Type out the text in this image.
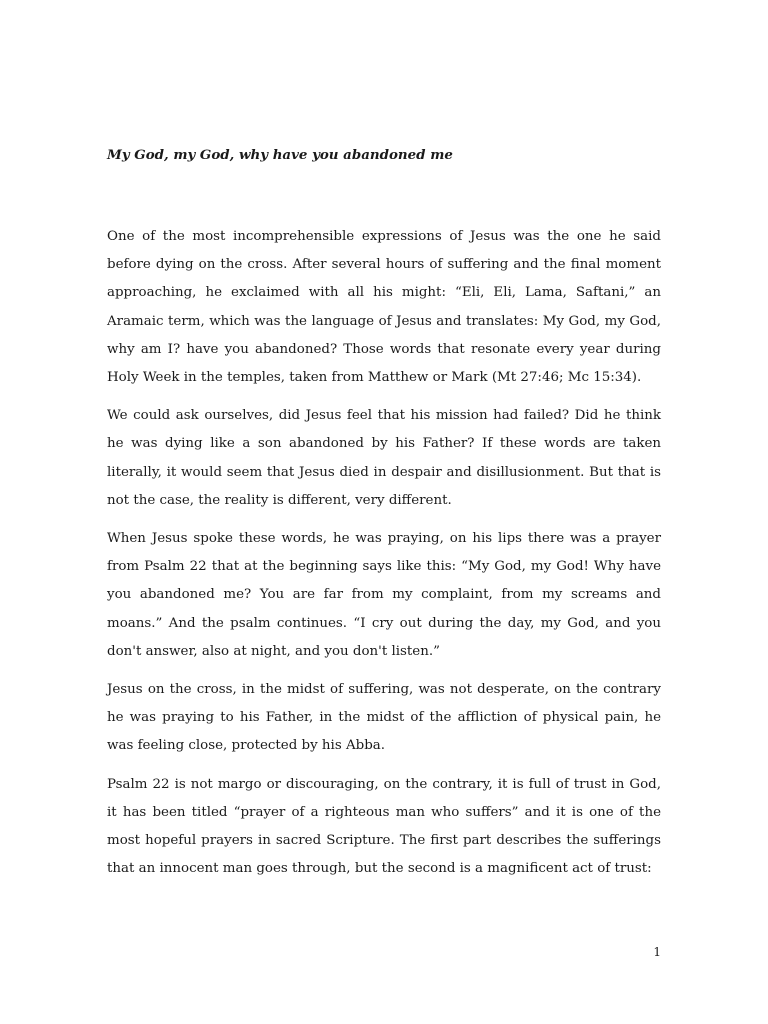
My God, my God, why have you abandoned me

One of the most incomprehensible expressions of Jesus was the one he said before dying on the cross. After several hours of suffering and the final moment approaching, he exclaimed with all his might: “Eli, Eli, Lama, Saftani,” an Aramaic term, which was the language of Jesus and translates: My God, my God, why am I? have you abandoned? Those words that resonate every year during Holy Week in the temples, taken from Matthew or Mark (Mt 27:46; Mc 15:34).

We could ask ourselves, did Jesus feel that his mission had failed? Did he think he was dying like a son abandoned by his Father? If these words are taken literally, it would seem that Jesus died in despair and disillusionment. But that is not the case, the reality is different, very different.

When Jesus spoke these words, he was praying, on his lips there was a prayer from Psalm 22 that at the beginning says like this: “My God, my God! Why have you abandoned me? You are far from my complaint, from my screams and moans.” And the psalm continues. “I cry out during the day, my God, and you don't answer, also at night, and you don't listen.”

Jesus on the cross, in the midst of suffering, was not desperate, on the contrary he was praying to his Father, in the midst of the affliction of physical pain, he was feeling close, protected by his Abba.

Psalm 22 is not margo or discouraging, on the contrary, it is full of trust in God, it has been titled “prayer of a righteous man who suffers” and it is one of the most hopeful prayers in sacred Scripture. The first part describes the sufferings that an innocent man goes through, but the second is a magnificent act of trust:

1
